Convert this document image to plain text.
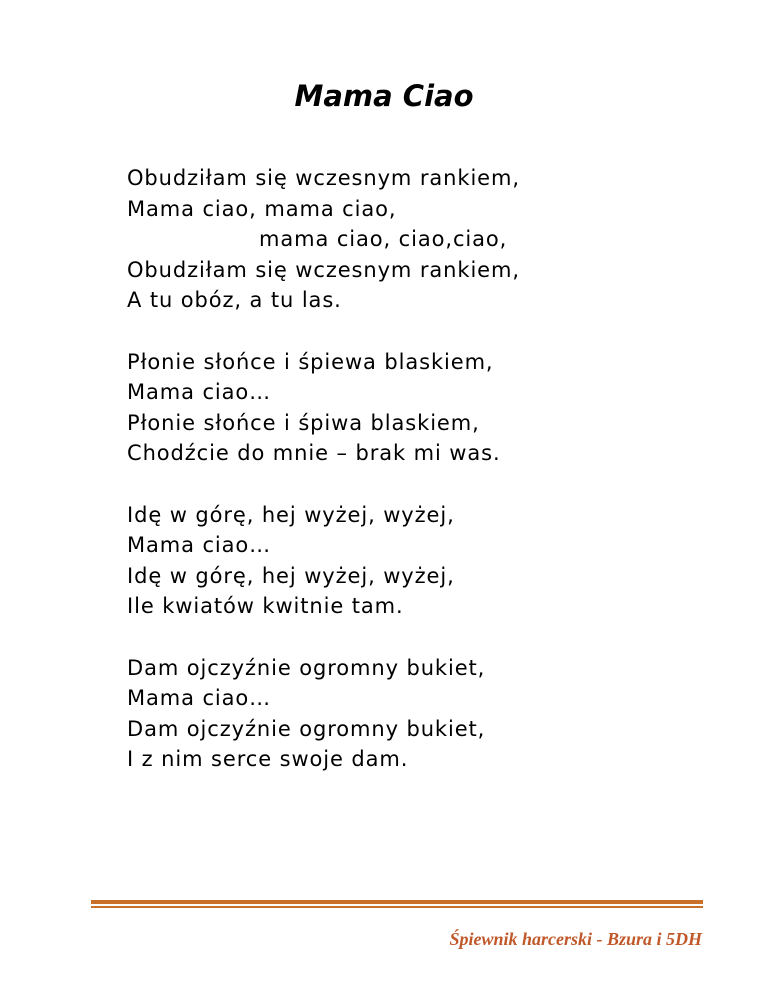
Mama Ciao
Obudziłam się wczesnym rankiem,
Mama ciao, mama ciao,
mama ciao, ciao,ciao,
Obudziłam się wczesnym rankiem,
A tu obóz, a tu las.
Płonie słońce i śpiewa blaskiem,
Mama ciao…
Płonie słońce i śpiwa blaskiem,
Chodźcie do mnie – brak mi was.
Idę w górę, hej wyżej, wyżej,
Mama ciao…
Idę w górę, hej wyżej, wyżej,
Ile kwiatów kwitnie tam.
Dam ojczyźnie ogromny bukiet,
Mama ciao…
Dam ojczyźnie ogromny bukiet,
I z nim serce swoje dam.
Śpiewnik harcerski - Bzura i 5DH
